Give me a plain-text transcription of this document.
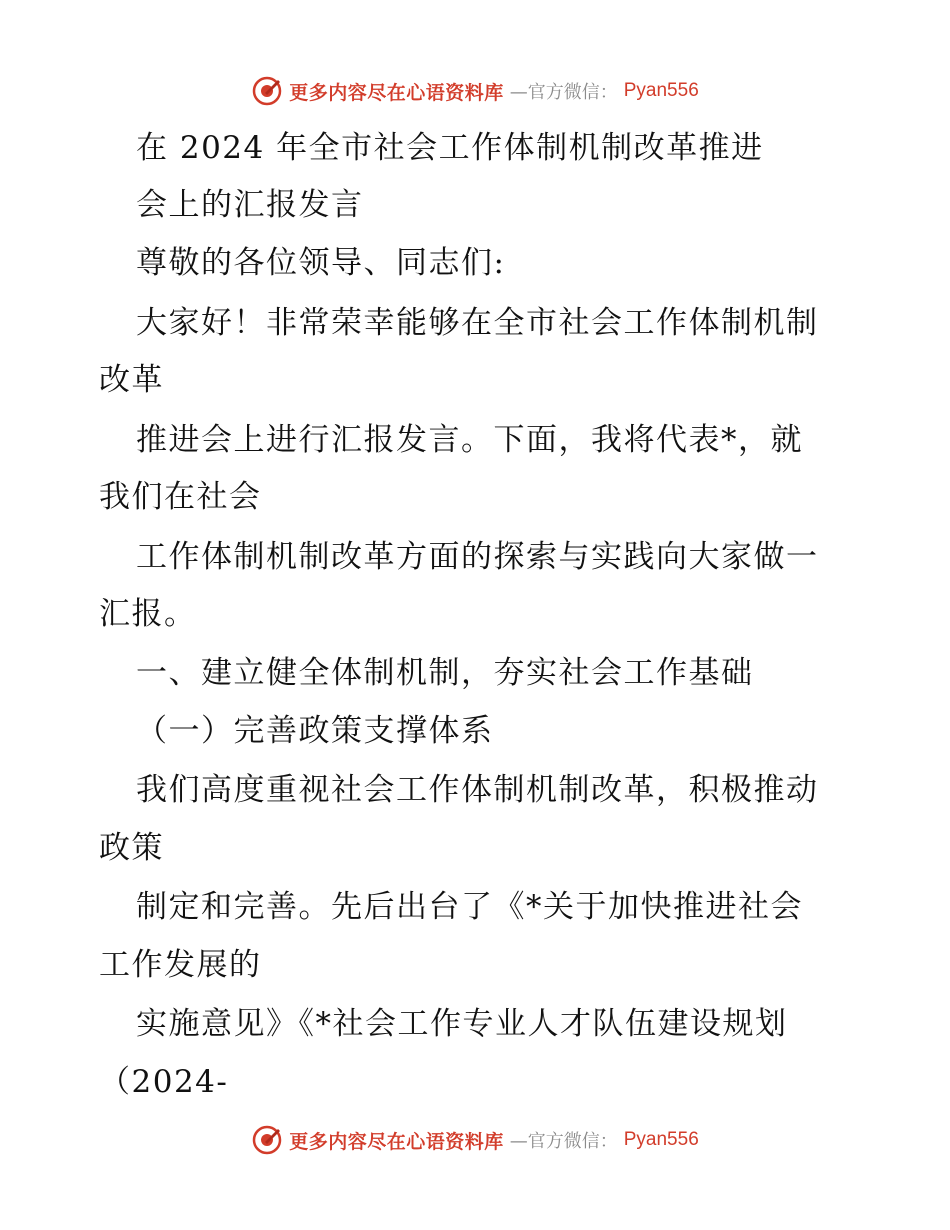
更多内容尽在心语资料库 —官方微信： Pyan556
在 2024 年全市社会工作体制机制改革推进
会上的汇报发言
尊敬的各位领导、同志们:
大家好！非常荣幸能够在全市社会工作体制机制
改革
推进会上进行汇报发言。下面，我将代表*，就
我们在社会
工作体制机制改革方面的探索与实践向大家做一
汇报。
一、建立健全体制机制，夯实社会工作基础
（一）完善政策支撑体系
我们高度重视社会工作体制机制改革，积极推动
政策
制定和完善。先后出台了《*关于加快推进社会
工作发展的
实施意见》《*社会工作专业人才队伍建设规划
（2024-
更多内容尽在心语资料库 —官方微信： Pyan556
